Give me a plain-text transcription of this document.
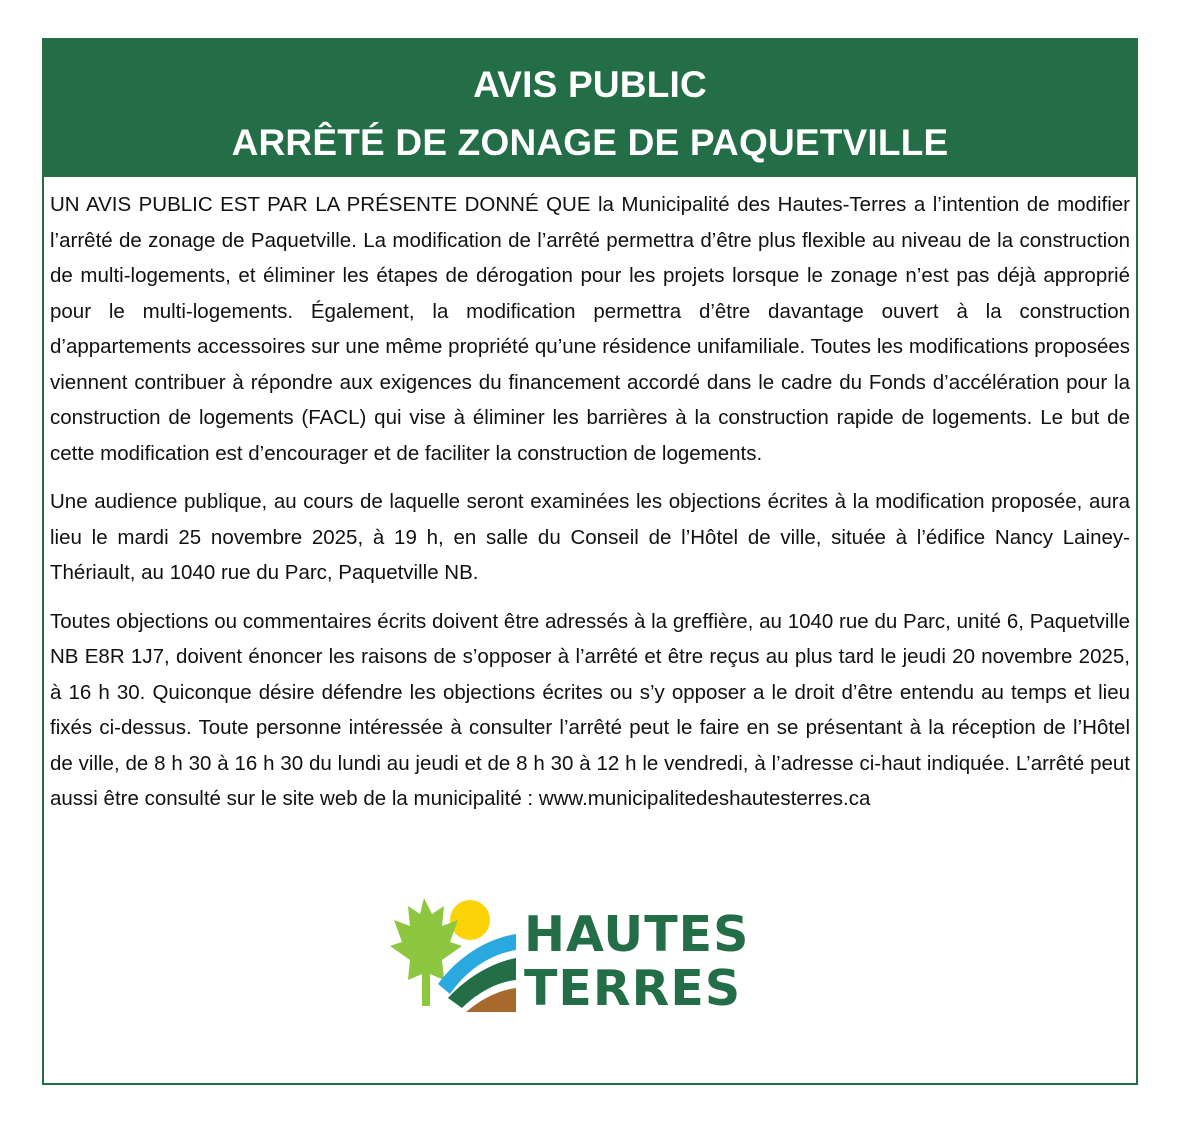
AVIS PUBLIC
ARRÊTÉ DE ZONAGE DE PAQUETVILLE

UN AVIS PUBLIC EST PAR LA PRÉSENTE DONNÉ QUE la Municipalité des Hautes-Terres a l’intention de modifier l’arrêté de zonage de Paquetville. La modification de l’arrêté permettra d’être plus flexible au niveau de la construction de multi-logements, et éliminer les étapes de dérogation pour les projets lorsque le zonage n’est pas déjà approprié pour le multi-logements. Également, la modification permettra d’être davantage ouvert à la construction d’appartements accessoires sur une même propriété qu’une résidence unifamiliale. Toutes les modifications proposées viennent contribuer à répondre aux exigences du financement accordé dans le cadre du Fonds d’accélération pour la construction de logements (FACL) qui vise à éliminer les barrières à la construction rapide de logements. Le but de cette modification est d’encourager et de faciliter la construction de logements.

Une audience publique, au cours de laquelle seront examinées les objections écrites à la modification proposée, aura lieu le mardi 25 novembre 2025, à 19 h, en salle du Conseil de l’Hôtel de ville, située à l’édifice Nancy Lainey-Thériault, au 1040 rue du Parc, Paquetville NB.

Toutes objections ou commentaires écrits doivent être adressés à la greffière, au 1040 rue du Parc, unité 6, Paquetville NB E8R 1J7, doivent énoncer les raisons de s’opposer à l’arrêté et être reçus au plus tard le jeudi 20 novembre 2025, à 16 h 30. Quiconque désire défendre les objections écrites ou s’y opposer a le droit d’être entendu au temps et lieu fixés ci-dessus. Toute personne intéressée à consulter l’arrêté peut le faire en se présentant à la réception de l’Hôtel de ville, de 8 h 30 à 16 h 30 du lundi au jeudi et de 8 h 30 à 12 h le vendredi, à l’adresse ci-haut indiquée. L’arrêté peut aussi être consulté sur le site web de la municipalité : www.municipalitedeshautesterres.ca

HAUTES
TERRES
